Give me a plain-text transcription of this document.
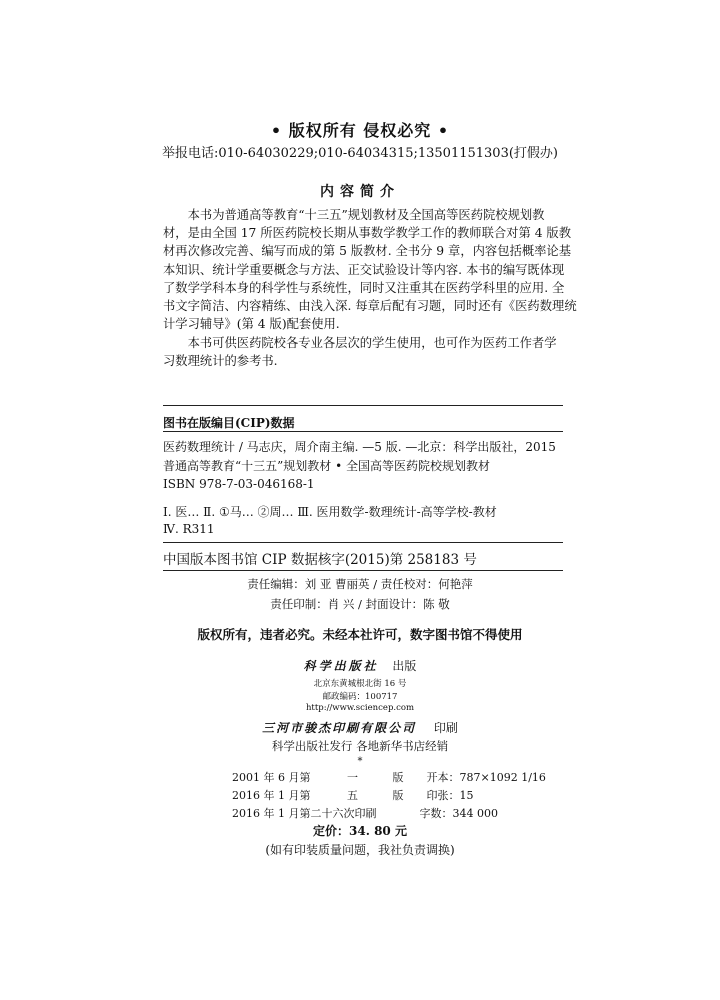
• 版权所有 侵权必究 •
举报电话:010-64030229;010-64034315;13501151303(打假办)
内容简介
　　本书为普通高等教育“十三五”规划教材及全国高等医药院校规划教
材，是由全国 17 所医药院校长期从事数学教学工作的教师联合对第 4 版教
材再次修改完善、编写而成的第 5 版教材. 全书分 9 章，内容包括概率论基
本知识、统计学重要概念与方法、正交试验设计等内容. 本书的编写既体现
了数学学科本身的科学性与系统性，同时又注重其在医药学科里的应用. 全
书文字简洁、内容精练、由浅入深. 每章后配有习题，同时还有《医药数理统
计学习辅导》(第 4 版)配套使用.
　　本书可供医药院校各专业各层次的学生使用，也可作为医药工作者学
习数理统计的参考书.
图书在版编目(CIP)数据
医药数理统计 / 马志庆，周介南主编. —5 版. —北京：科学出版社，2015
普通高等教育“十三五”规划教材 • 全国高等医药院校规划教材
ISBN 978-7-03-046168-1
Ⅰ. 医… Ⅱ. ①马… ②周… Ⅲ. 医用数学-数理统计-高等学校-教材
Ⅳ. R311
中国版本图书馆 CIP 数据核字(2015)第 258183 号
责任编辑：刘 亚 曹丽英 / 责任校对：何艳萍
责任印制：肖 兴 / 封面设计：陈 敬
版权所有，违者必究。未经本社许可，数字图书馆不得使用
科学出版社 出版
北京东黄城根北街 16 号
邮政编码：100717
http://www.sciencep.com
三河市骏杰印刷有限公司 印刷
科学出版社发行 各地新华书店经销
*
2001 年 6 月第	一	版 开本：787×1092 1/16
2016 年 1 月第	五	版 印张：15
2016 年 1 月第二十六次印刷	字数：344 000
定价：34. 80 元
(如有印装质量问题，我社负责调换)
